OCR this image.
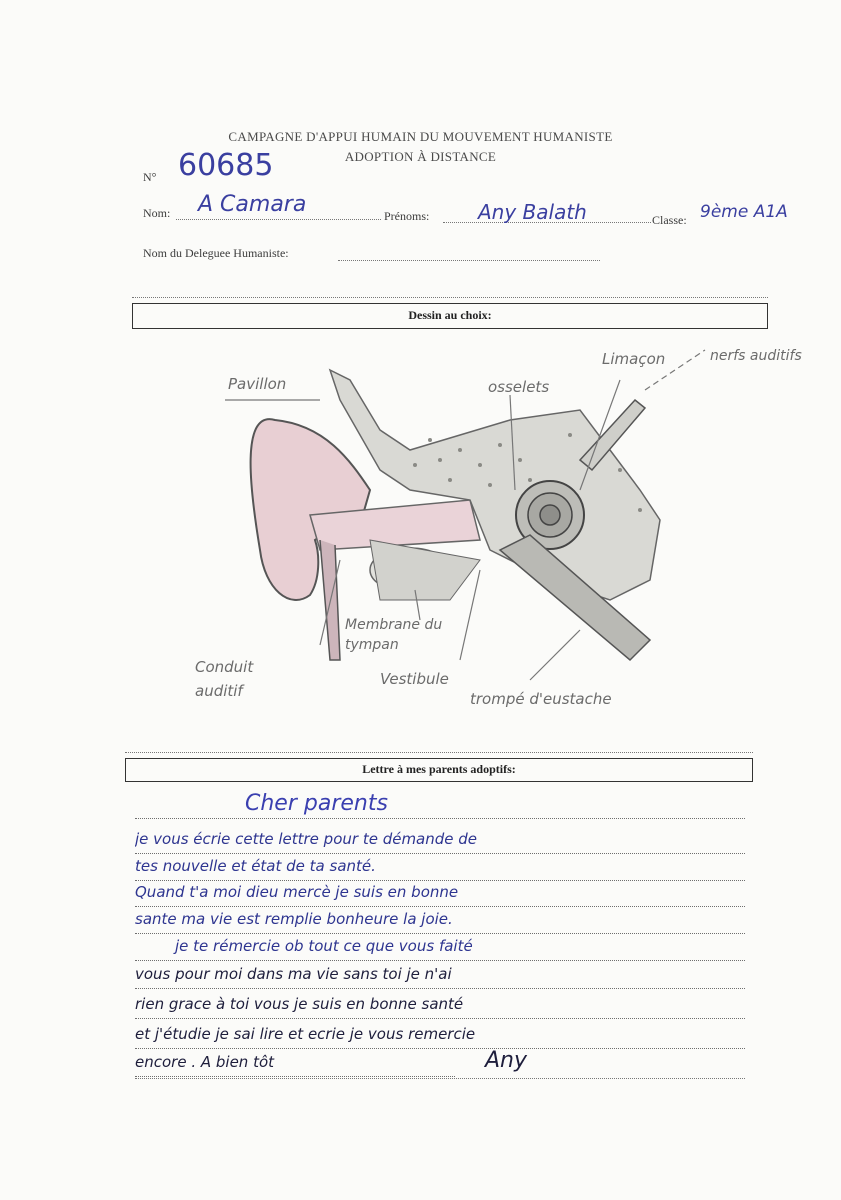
CAMPAGNE D'APPUI HUMAIN DU MOUVEMENT HUMANISTE
ADOPTION À DISTANCE
N° 60685
Nom: A Camara	Prénoms: Any Balath	Classe: 9ème A1A
Nom du Deleguee Humaniste:
Dessin au choix:
Pavillon	osselets
Limaçon	nerfs auditifs
Conduit auditif
Membrane du tympan
Vestibule
trompé d'eustache
Lettre à mes parents adoptifs:
Cher parents
je vous écrie cette lettre pour te démande de
tes nouvelle et état de ta santé.
Quand t'a moi dieu mercè je suis en bonne
sante ma vie est remplie bonheure la joie.
je te rémercie ob tout ce que vous faité
vous pour moi dans ma vie sans toi je n'ai
rien grace à toi vous je suis en bonne santé
et j'étudie je sai lire et ecrie je vous remercie
encore . A bien tôt	Any
